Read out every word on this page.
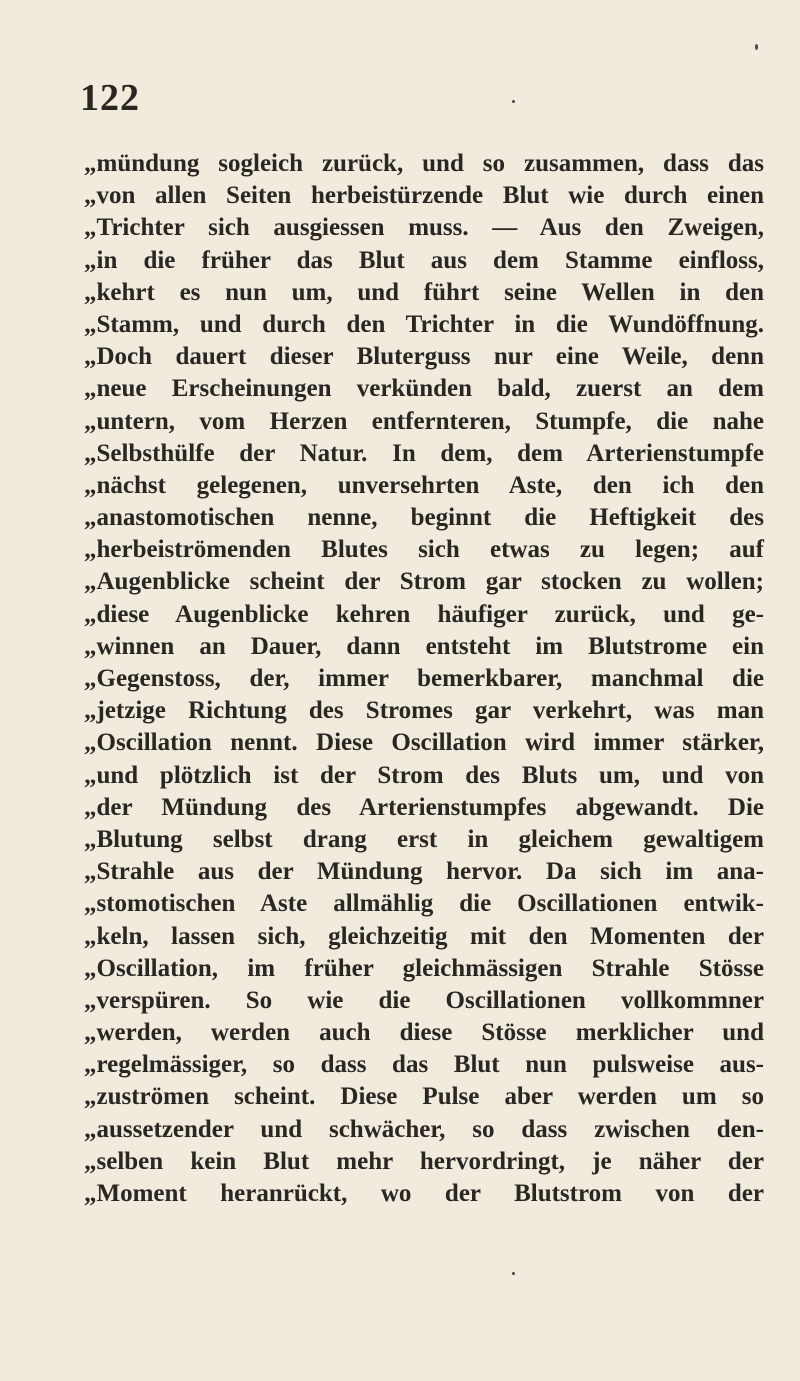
122
„mündung sogleich zurück, und so zusammen, dass das
„von allen Seiten herbeistürzende Blut wie durch einen
„Trichter sich ausgiessen muss. — Aus den Zweigen,
„in die früher das Blut aus dem Stamme einfloss,
„kehrt es nun um, und führt seine Wellen in den
„Stamm, und durch den Trichter in die Wundöffnung.
„Doch dauert dieser Bluterguss nur eine Weile, denn
„neue Erscheinungen verkünden bald, zuerst an dem
„untern, vom Herzen entfernteren, Stumpfe, die nahe
„Selbsthülfe der Natur. In dem, dem Arterienstumpfe
„nächst gelegenen, unversehrten Aste, den ich den
„anastomotischen nenne, beginnt die Heftigkeit des
„herbeiströmenden Blutes sich etwas zu legen; auf
„Augenblicke scheint der Strom gar stocken zu wollen;
„diese Augenblicke kehren häufiger zurück, und ge-
„winnen an Dauer, dann entsteht im Blutstrome ein
„Gegenstoss, der, immer bemerkbarer, manchmal die
„jetzige Richtung des Stromes gar verkehrt, was man
„Oscillation nennt. Diese Oscillation wird immer stärker,
„und plötzlich ist der Strom des Bluts um, und von
„der Mündung des Arterienstumpfes abgewandt. Die
„Blutung selbst drang erst in gleichem gewaltigem
„Strahle aus der Mündung hervor. Da sich im ana-
„stomotischen Aste allmählig die Oscillationen entwik-
„keln, lassen sich, gleichzeitig mit den Momenten der
„Oscillation, im früher gleichmässigen Strahle Stösse
„verspüren. So wie die Oscillationen vollkommner
„werden, werden auch diese Stösse merklicher und
„regelmässiger, so dass das Blut nun pulsweise aus-
„zuströmen scheint. Diese Pulse aber werden um so
„aussetzender und schwächer, so dass zwischen den-
„selben kein Blut mehr hervordringt, je näher der
„Moment heranrückt, wo der Blutstrom von der
